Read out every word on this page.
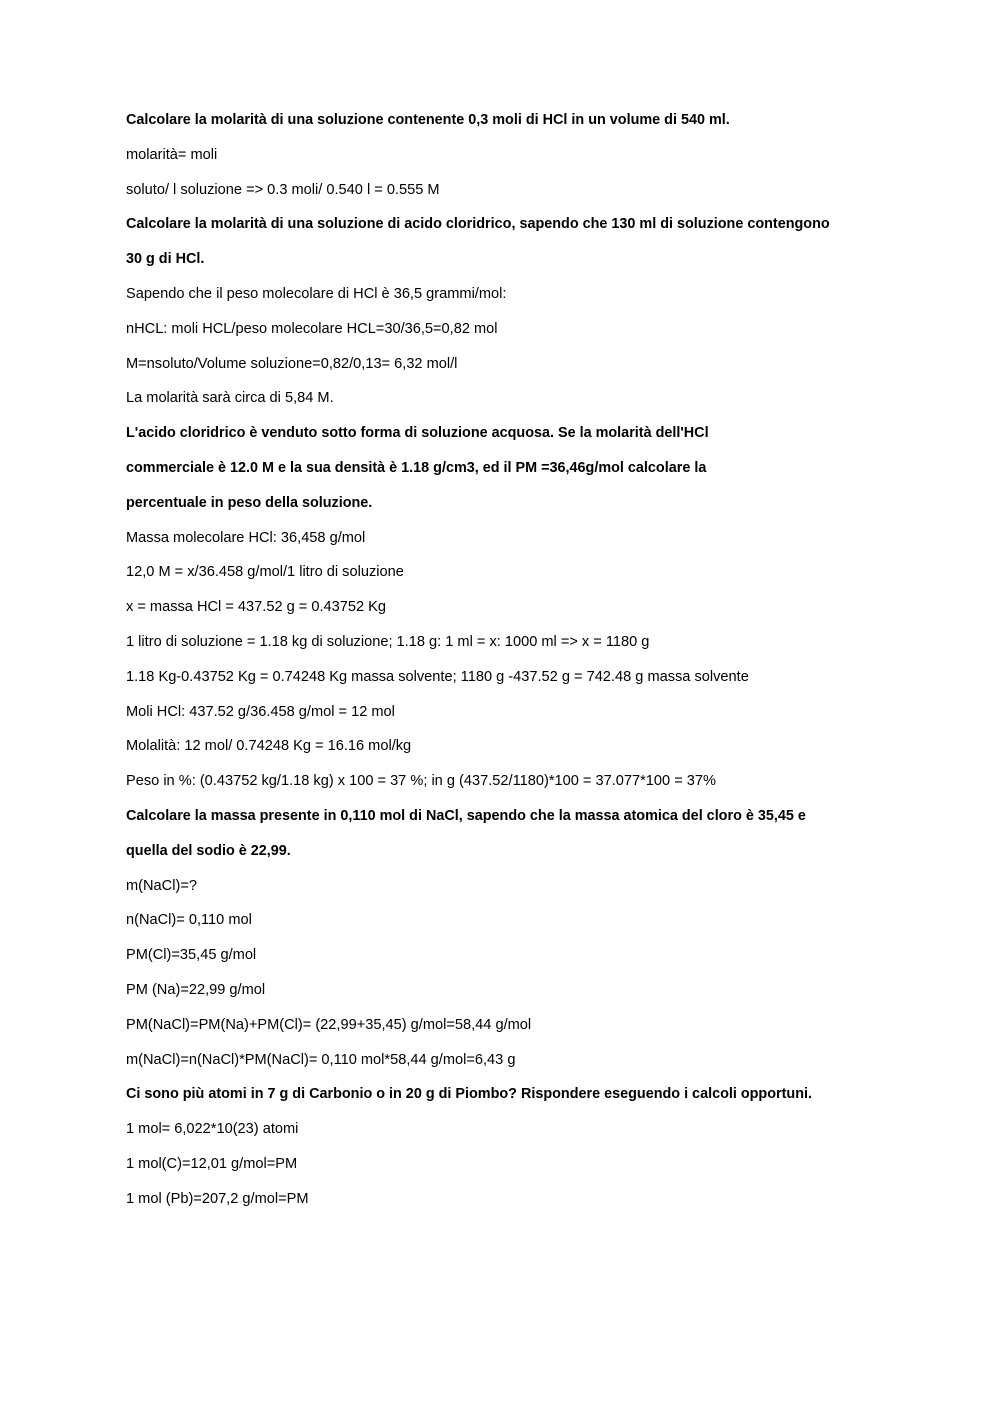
Calcolare la molarità di una soluzione contenente 0,3 moli di HCl in un volume di 540 ml.
molarità= moli
soluto/ l soluzione => 0.3 moli/ 0.540 l = 0.555 M
Calcolare la molarità di una soluzione di acido cloridrico, sapendo che 130 ml di soluzione contengono
30 g di HCl.
Sapendo che il peso molecolare di HCl è 36,5 grammi/mol:
nHCL: moli HCL/peso molecolare HCL=30/36,5=0,82 mol
M=nsoluto/Volume soluzione=0,82/0,13= 6,32 mol/l
La molarità sarà circa di 5,84 M.
L'acido cloridrico è venduto sotto forma di soluzione acquosa. Se la molarità dell'HCl
commerciale è 12.0 M e la sua densità è 1.18 g/cm3, ed il PM =36,46g/mol calcolare la
percentuale in peso della soluzione.
Massa molecolare HCl: 36,458 g/mol
12,0 M = x/36.458 g/mol/1 litro di soluzione
x = massa HCl = 437.52 g = 0.43752 Kg
1 litro di soluzione = 1.18 kg di soluzione; 1.18 g: 1 ml = x: 1000 ml => x = 1180 g
1.18 Kg-0.43752 Kg = 0.74248 Kg massa solvente; 1180 g -437.52 g = 742.48 g massa solvente
Moli HCl: 437.52 g/36.458 g/mol = 12 mol
Molalità: 12 mol/ 0.74248 Kg = 16.16 mol/kg
Peso in %: (0.43752 kg/1.18 kg) x 100 = 37 %; in g (437.52/1180)*100 = 37.077*100 = 37%
Calcolare la massa presente in 0,110 mol di NaCl, sapendo che la massa atomica del cloro è 35,45 e
quella del sodio è 22,99.
m(NaCl)=?
n(NaCl)= 0,110 mol
PM(Cl)=35,45 g/mol
PM (Na)=22,99 g/mol
PM(NaCl)=PM(Na)+PM(Cl)= (22,99+35,45) g/mol=58,44 g/mol
m(NaCl)=n(NaCl)*PM(NaCl)= 0,110 mol*58,44 g/mol=6,43 g
Ci sono più atomi in 7 g di Carbonio o in 20 g di Piombo? Rispondere eseguendo i calcoli opportuni.
1 mol= 6,022*10(23) atomi
1 mol(C)=12,01 g/mol=PM
1 mol (Pb)=207,2 g/mol=PM
